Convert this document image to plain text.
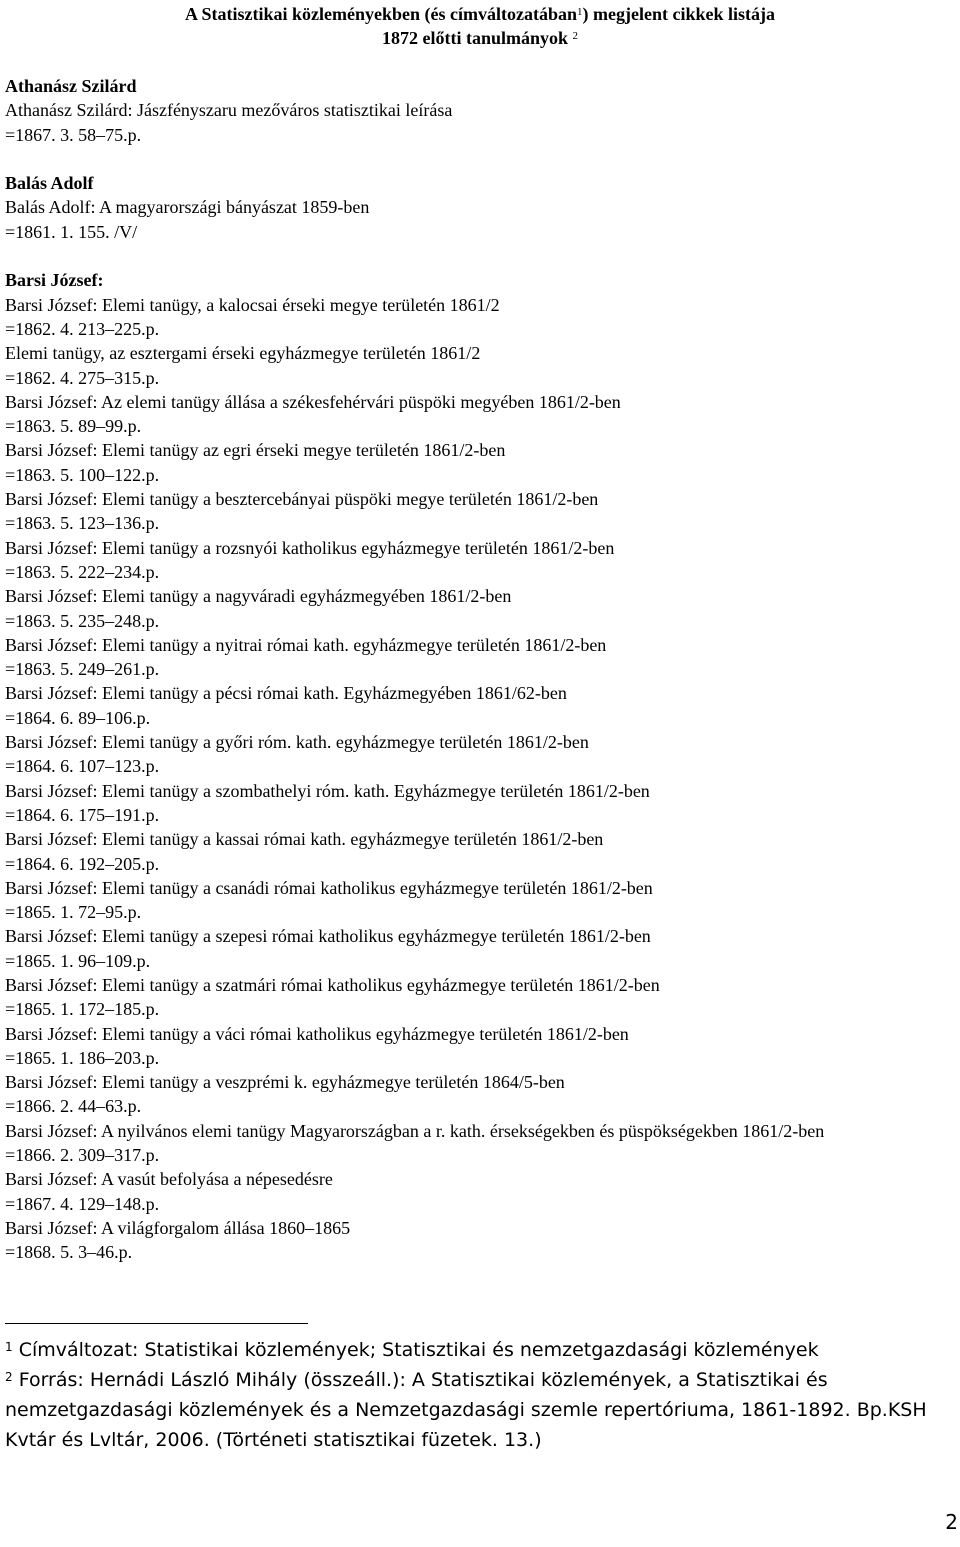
A Statisztikai közleményekben (és címváltozatában$^1$) megjelent cikkek listája
1872 előtti tanulmányok $^2$
Athanász Szilárd
Athanász Szilárd: Jászfényszaru mezőváros statisztikai leírása
=1867. 3. 58–75.p.
Balás Adolf
Balás Adolf: A magyarországi bányászat 1859-ben
=1861. 1. 155. /V/
Barsi József:
Barsi József: Elemi tanügy, a kalocsai érseki megye területén 1861/2
=1862. 4. 213–225.p.
Elemi tanügy, az esztergami érseki egyházmegye területén 1861/2
=1862. 4. 275–315.p.
Barsi József: Az elemi tanügy állása a székesfehérvári püspöki megyében 1861/2-ben
=1863. 5. 89–99.p.
Barsi József: Elemi tanügy az egri érseki megye területén 1861/2-ben
=1863. 5. 100–122.p.
Barsi József: Elemi tanügy a besztercebányai püspöki megye területén 1861/2-ben
=1863. 5. 123–136.p.
Barsi József: Elemi tanügy a rozsnyói katholikus egyházmegye területén 1861/2-ben
=1863. 5. 222–234.p.
Barsi József: Elemi tanügy a nagyváradi egyházmegyében 1861/2-ben
=1863. 5. 235–248.p.
Barsi József: Elemi tanügy a nyitrai római kath. egyházmegye területén 1861/2-ben
=1863. 5. 249–261.p.
Barsi József: Elemi tanügy a pécsi római kath. Egyházmegyében 1861/62-ben
=1864. 6. 89–106.p.
Barsi József: Elemi tanügy a győri róm. kath. egyházmegye területén 1861/2-ben
=1864. 6. 107–123.p.
Barsi József: Elemi tanügy a szombathelyi róm. kath. Egyházmegye területén 1861/2-ben
=1864. 6. 175–191.p.
Barsi József: Elemi tanügy a kassai római kath. egyházmegye területén 1861/2-ben
=1864. 6. 192–205.p.
Barsi József: Elemi tanügy a csanádi római katholikus egyházmegye területén 1861/2-ben
=1865. 1. 72–95.p.
Barsi József: Elemi tanügy a szepesi római katholikus egyházmegye területén 1861/2-ben
=1865. 1. 96–109.p.
Barsi József: Elemi tanügy a szatmári római katholikus egyházmegye területén 1861/2-ben
=1865. 1. 172–185.p.
Barsi József: Elemi tanügy a váci római katholikus egyházmegye területén 1861/2-ben
=1865. 1. 186–203.p.
Barsi József: Elemi tanügy a veszprémi k. egyházmegye területén 1864/5-ben
=1866. 2. 44–63.p.
Barsi József: A nyilvános elemi tanügy Magyarországban a r. kath. érsekségekben és püspökségekben 1861/2-ben
=1866. 2. 309–317.p.
Barsi József: A vasút befolyása a népesedésre
=1867. 4. 129–148.p.
Barsi József: A világforgalom állása 1860–1865
=1868. 5. 3–46.p.
$^1$ Címváltozat: Statistikai közlemények; Statisztikai és nemzetgazdasági közlemények
$^2$ Forrás: Hernádi László Mihály (összeáll.): A Statisztikai közlemények, a Statisztikai és nemzetgazdasági közlemények és a Nemzetgazdasági szemle repertóriuma, 1861-1892. Bp.KSH Kvtár és Lvltár, 2006. (Történeti statisztikai füzetek. 13.)
2
